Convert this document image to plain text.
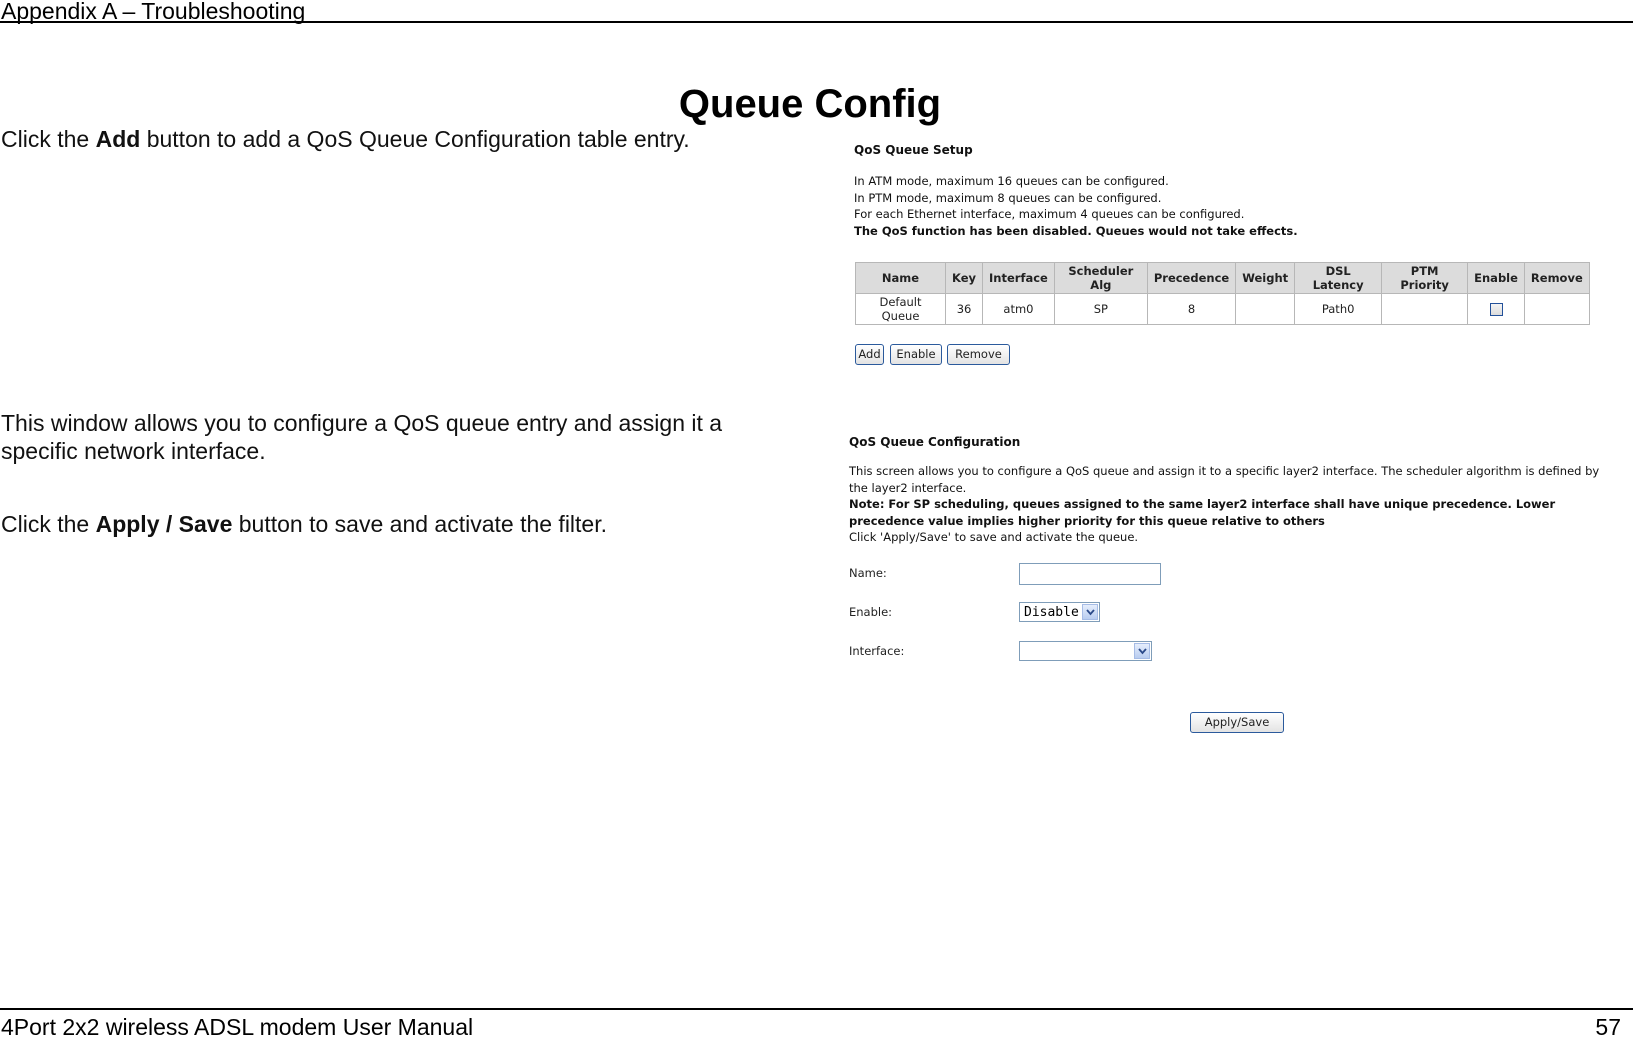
Appendix A – Troubleshooting
Queue Config
Click the Add button to add a QoS Queue Configuration table entry.
This window allows you to configure a QoS queue entry and assign it a
specific network interface.
Click the Apply / Save button to save and activate the filter.
QoS Queue Setup
In ATM mode, maximum 16 queues can be configured.
In PTM mode, maximum 8 queues can be configured.
For each Ethernet interface, maximum 4 queues can be configured.
The QoS function has been disabled. Queues would not take effects.
Name	Key	Interface	Scheduler Alg	Precedence	Weight	DSL Latency	PTM Priority	Enable	Remove
Default Queue	36	atm0	SP	8		Path0			
Add	Enable	Remove
QoS Queue Configuration
This screen allows you to configure a QoS queue and assign it to a specific layer2 interface. The scheduler algorithm is defined by
the layer2 interface.
Note: For SP scheduling, queues assigned to the same layer2 interface shall have unique precedence. Lower
precedence value implies higher priority for this queue relative to others
Click 'Apply/Save' to save and activate the queue.
Name:
Enable:	Disable
Interface:
Apply/Save
4Port 2x2 wireless ADSL modem User Manual	57
